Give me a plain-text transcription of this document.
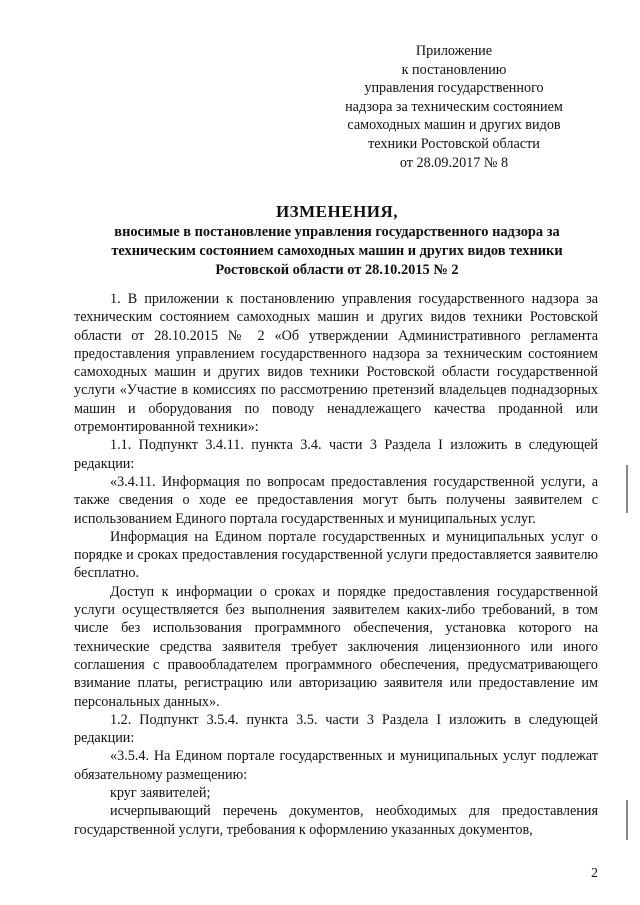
Приложение
к постановлению
управления государственного
надзора за техническим состоянием
самоходных машин и других видов
техники Ростовской области
от 28.09.2017 № 8
ИЗМЕНЕНИЯ,
вносимые в постановление управления государственного надзора за техническим состоянием самоходных машин и других видов техники Ростовской области от 28.10.2015 № 2

1. В приложении к постановлению управления государственного надзора за техническим состоянием самоходных машин и других видов техники Ростовской области от 28.10.2015 № 2 «Об утверждении Административного регламента предоставления управлением государственного надзора за техническим состоянием самоходных машин и других видов техники Ростовской области государственной услуги «Участие в комиссиях по рассмотрению претензий владельцев поднадзорных машин и оборудования по поводу ненадлежащего качества проданной или отремонтированной техники»:

1.1. Подпункт 3.4.11. пункта 3.4. части 3 Раздела I изложить в следующей редакции:

«3.4.11. Информация по вопросам предоставления государственной услуги, а также сведения о ходе ее предоставления могут быть получены заявителем с использованием Единого портала государственных и муниципальных услуг.

Информация на Едином портале государственных и муниципальных услуг о порядке и сроках предоставления государственной услуги предоставляется заявителю бесплатно.

Доступ к информации о сроках и порядке предоставления государственной услуги осуществляется без выполнения заявителем каких-либо требований, в том числе без использования программного обеспечения, установка которого на технические средства заявителя требует заключения лицензионного или иного соглашения с правообладателем программного обеспечения, предусматривающего взимание платы, регистрацию или авторизацию заявителя или предоставление им персональных данных».

1.2. Подпункт 3.5.4. пункта 3.5. части 3 Раздела I изложить в следующей редакции:

«3.5.4. На Едином портале государственных и муниципальных услуг подлежат обязательному размещению:

круг заявителей;

исчерпывающий перечень документов, необходимых для предоставления государственной услуги, требования к оформлению указанных документов,

2
